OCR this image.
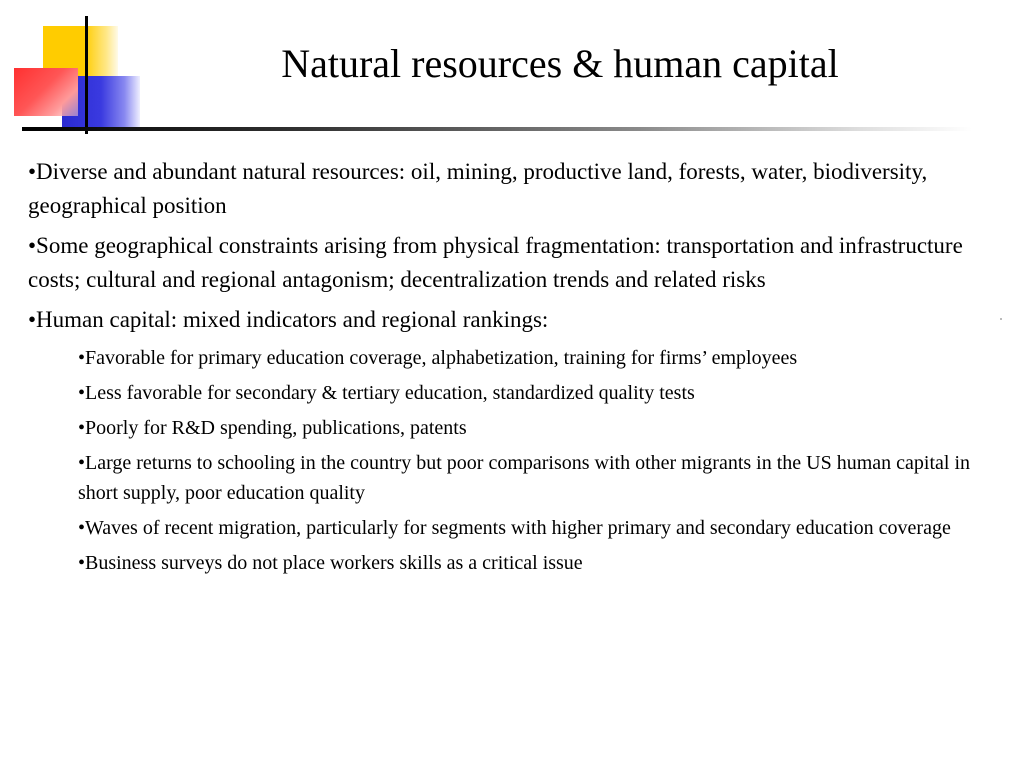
Natural resources & human capital

•Diverse and abundant natural resources: oil, mining, productive land, forests, water, biodiversity, geographical position

•Some geographical constraints arising from physical fragmentation: transportation and infrastructure costs; cultural and regional antagonism; decentralization trends and related risks

•Human capital: mixed indicators and regional rankings:

•Favorable for primary education coverage, alphabetization, training for firms’ employees

•Less favorable for secondary & tertiary education, standardized quality tests

•Poorly for R&D spending, publications, patents

•Large returns to schooling in the country but poor comparisons with other migrants in the US human capital in short supply, poor education quality

•Waves of recent migration, particularly for segments with higher primary and secondary education coverage

•Business surveys do not place workers skills as a critical issue
